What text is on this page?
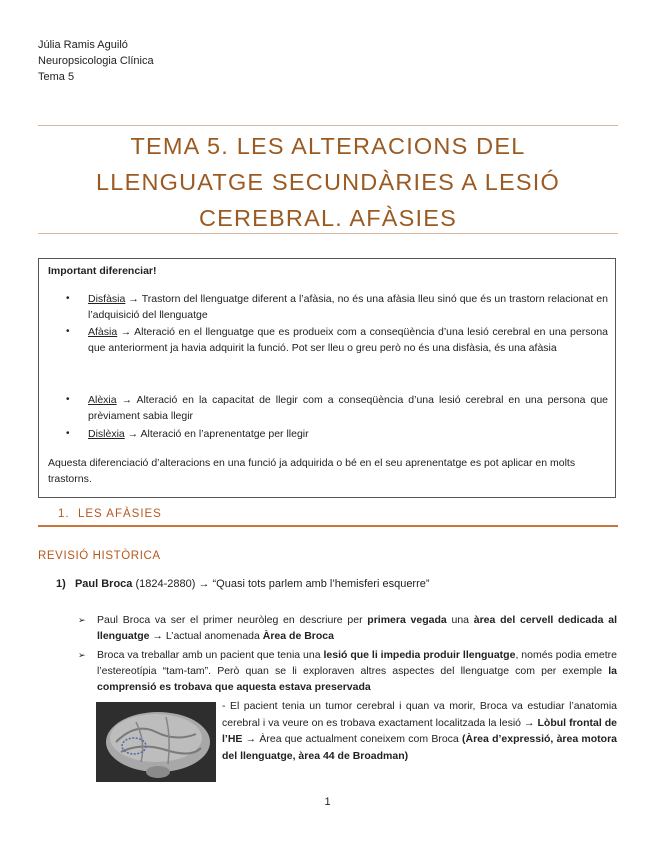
Júlia Ramis Aguiló
Neuropsicologia Clínica
Tema 5
TEMA 5. LES ALTERACIONS DEL
LLENGUATGE SECUNDÀRIES A LESIÓ
CEREBRAL. AFÀSIES
Important diferenciar!
• Disfàsia → Trastorn del llenguatge diferent a l’afàsia, no és una afàsia lleu sinó que és un trastorn relacionat en l’adquisició del llenguatge
• Afàsia → Alteració en el llenguatge que es produeix com a conseqüència d’una lesió cerebral en una persona que anteriorment ja havia adquirit la funció. Pot ser lleu o greu però no és una disfàsia, és una afàsia
• Alèxia → Alteració en la capacitat de llegir com a conseqüència d’una lesió cerebral en una persona que prèviament sabia llegir
• Dislèxia → Alteració en l’aprenentatge per llegir
Aquesta diferenciació d’alteracions en una funció ja adquirida o bé en el seu aprenentatge es pot aplicar en molts trastorns.
1. LES AFÀSIES
REVISIÓ HISTÒRICA
1) Paul Broca (1824-2880) → “Quasi tots parlem amb l’hemisferi esquerre”
➢ Paul Broca va ser el primer neuròleg en descriure per primera vegada una àrea del cervell dedicada al llenguatge → L’actual anomenada Àrea de Broca
➢ Broca va treballar amb un pacient que tenia una lesió que li impedia produir llenguatge, només podia emetre l’estereotípia “tam-tam”. Però quan se li exploraven altres aspectes del llenguatge com per exemple la comprensió es trobava que aquesta estava preservada
- El pacient tenia un tumor cerebral i quan va morir, Broca va estudiar l’anatomia cerebral i va veure on es trobava exactament localitzada la lesió → Lòbul frontal de l’HE → Àrea que actualment coneixem com Broca (Àrea d’expressió, àrea motora del llenguatge, àrea 44 de Broadman)
1
